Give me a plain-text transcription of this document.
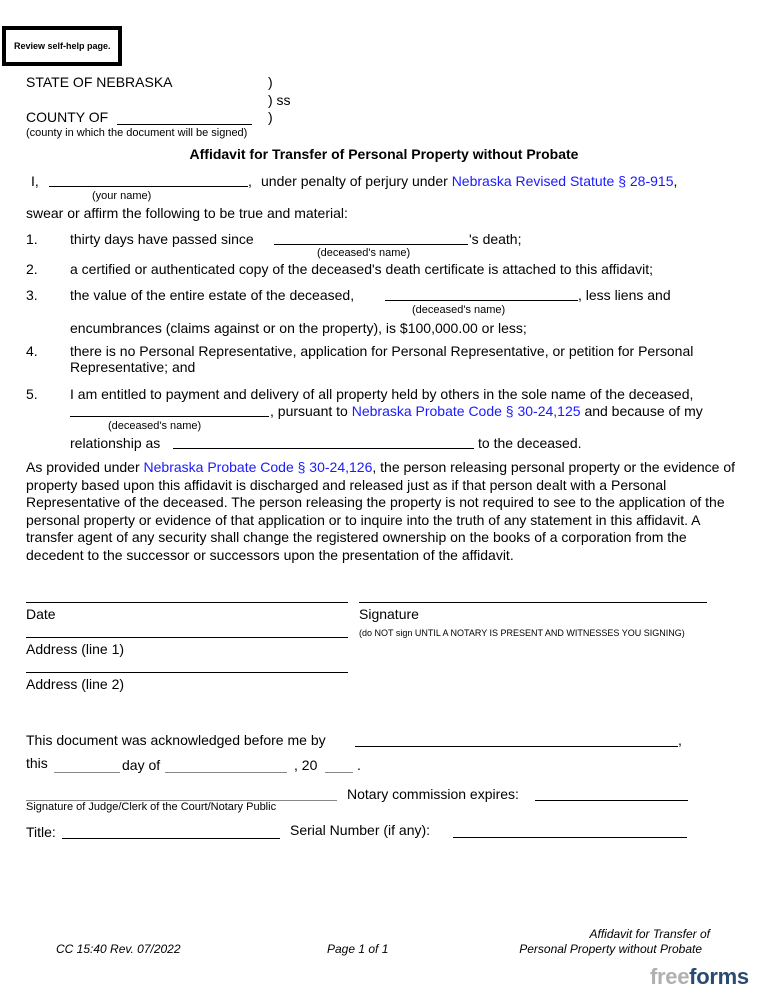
Review self-help page.
STATE OF NEBRASKA	)
) ss
COUNTY OF	)
(county in which the document will be signed)
Affidavit for Transfer of Personal Property without Probate
I,	, under penalty of perjury under Nebraska Revised Statute § 28-915,
(your name)
swear or affirm the following to be true and material:
1. thirty days have passed since	's death;
(deceased's name)
2. a certified or authenticated copy of the deceased's death certificate is attached to this affidavit;
3. the value of the entire estate of the deceased,	, less liens and
(deceased's name)
encumbrances (claims against or on the property), is $100,000.00 or less;
4. there is no Personal Representative, application for Personal Representative, or petition for Personal
Representative; and
5. I am entitled to payment and delivery of all property held by others in the sole name of the deceased,
, pursuant to Nebraska Probate Code § 30-24,125 and because of my
(deceased's name)
relationship as	to the deceased.
As provided under Nebraska Probate Code § 30-24,126, the person releasing personal property or the evidence of property based upon this affidavit is discharged and released just as if that person dealt with a Personal Representative of the deceased. The person releasing the property is not required to see to the application of the personal property or evidence of that application or to inquire into the truth of any statement in this affidavit. A transfer agent of any security shall change the registered ownership on the books of a corporation from the decedent to the successor or successors upon the presentation of the affidavit.
Date	Signature
(do NOT sign UNTIL A NOTARY IS PRESENT AND WITNESSES YOU SIGNING)
Address (line 1)
Address (line 2)
This document was acknowledged before me by	,
this	day of	, 20	.
Signature of Judge/Clerk of the Court/Notary Public
Notary commission expires:
Title:	Serial Number (if any):
CC 15:40 Rev. 07/2022	Page 1 of 1
Affidavit for Transfer of
Personal Property without Probate
freeforms
